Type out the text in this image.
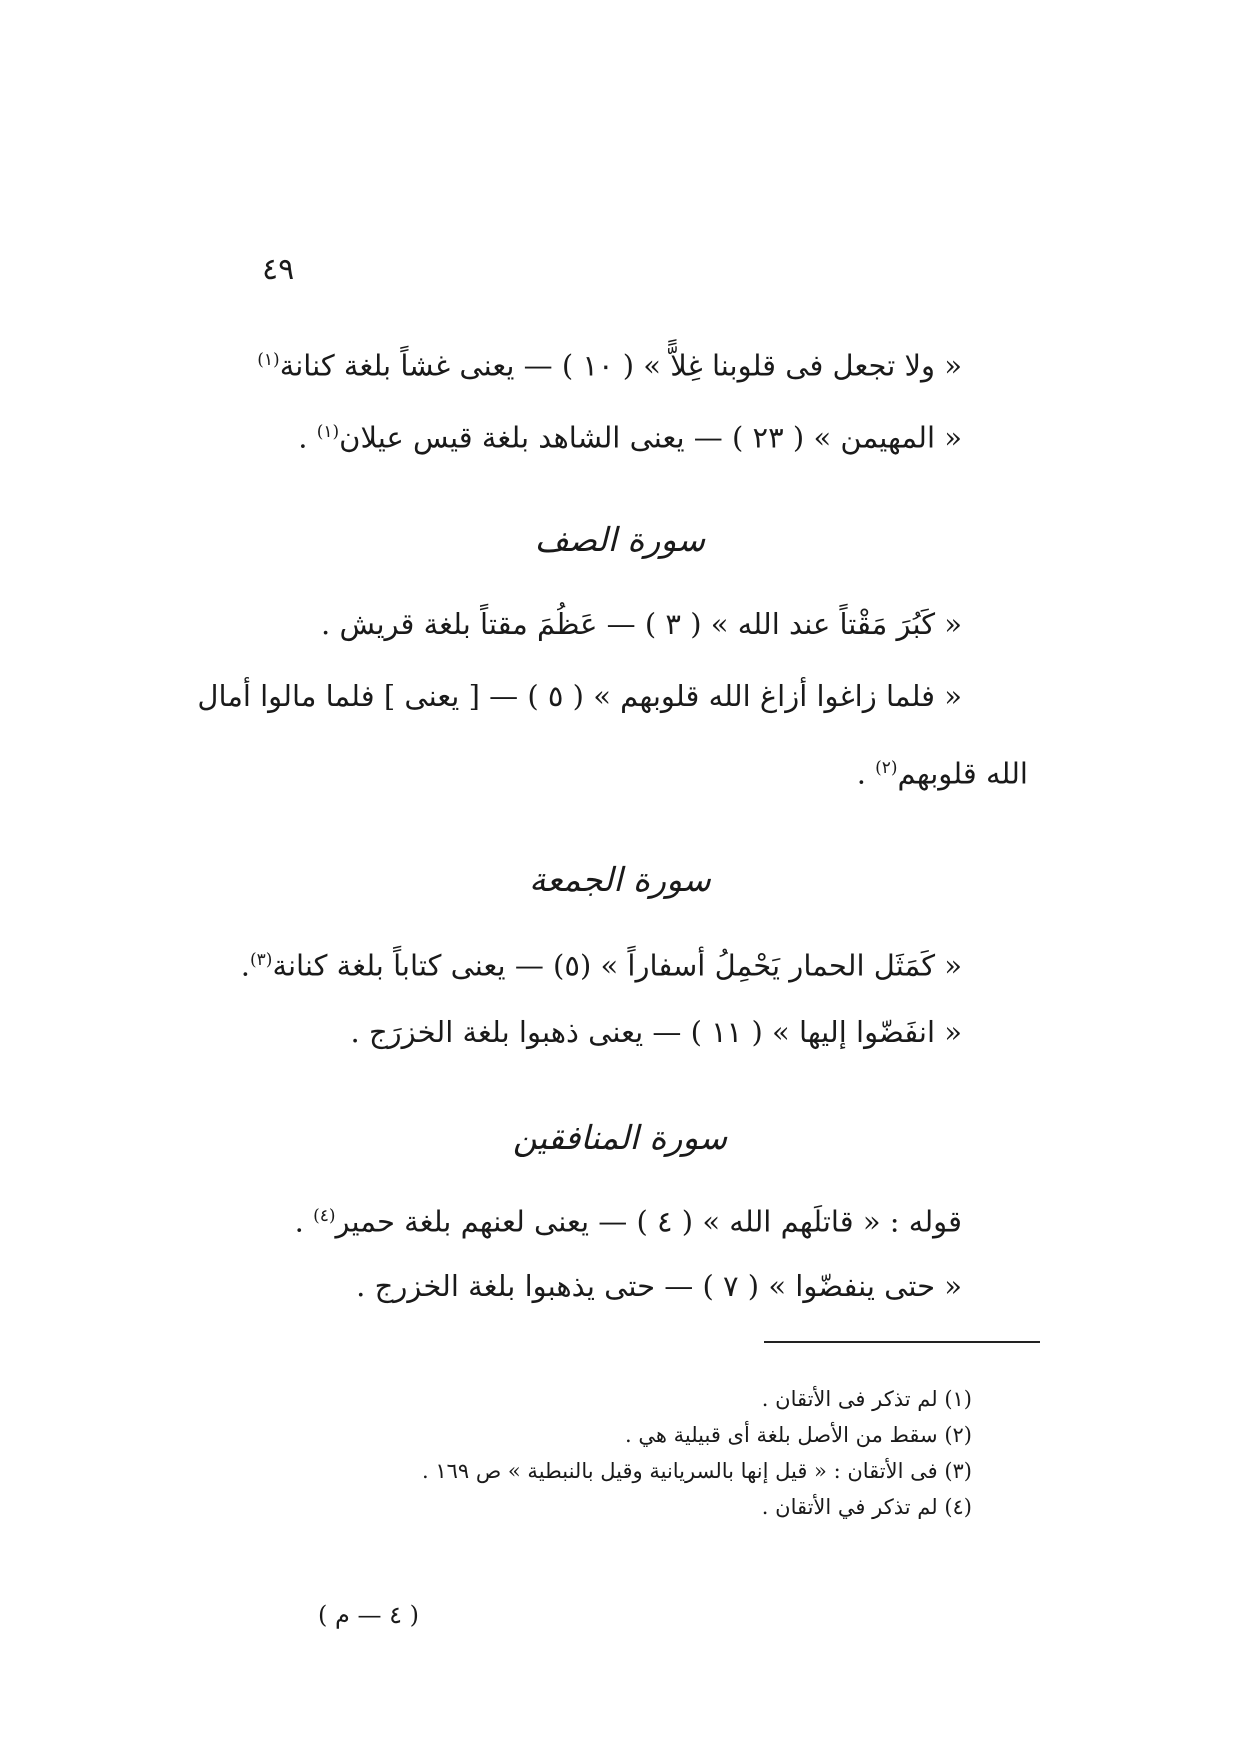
٤٩
« ولا تجعل فى قلوبنا غِلاًّ » ( ١٠ ) — يعنى غشاً بلغة كنانة$^{(١)}$
« المهيمن » ( ٢٣ ) — يعنى الشاهد بلغة قيس عيلان$^{(١)}$ .
سورة الصف
« كَبُرَ مَقْتاً عند الله » ( ٣ ) — عَظُمَ مقتاً بلغة قريش .
« فلما زاغوا أزاغ الله قلوبهم » ( ٥ ) — [ يعنى ] فلما مالوا أمال
الله قلوبهم$^{(٢)}$ .
سورة الجمعة
« كَمَثَل الحمار يَحْمِلُ أسفاراً » (٥) — يعنى كتاباً بلغة كنانة$^{(٣)}$.
« انفَضّوا إليها » ( ١١ ) — يعنى ذهبوا بلغة الخزرَج .
سورة المنافقين
قوله : « قاتلَهم الله » ( ٤ ) — يعنى لعنهم بلغة حمير$^{(٤)}$ .
« حتى ينفضّوا » ( ٧ ) — حتى يذهبوا بلغة الخزرج .
(١) لم تذكر فى الأتقان .
(٢) سقط من الأصل بلغة أى قبيلية هي .
(٣) فى الأتقان : « قيل إنها بالسريانية وقيل بالنبطية » ص ١٦٩ .
(٤) لم تذكر في الأتقان .
( ٤ — م )
